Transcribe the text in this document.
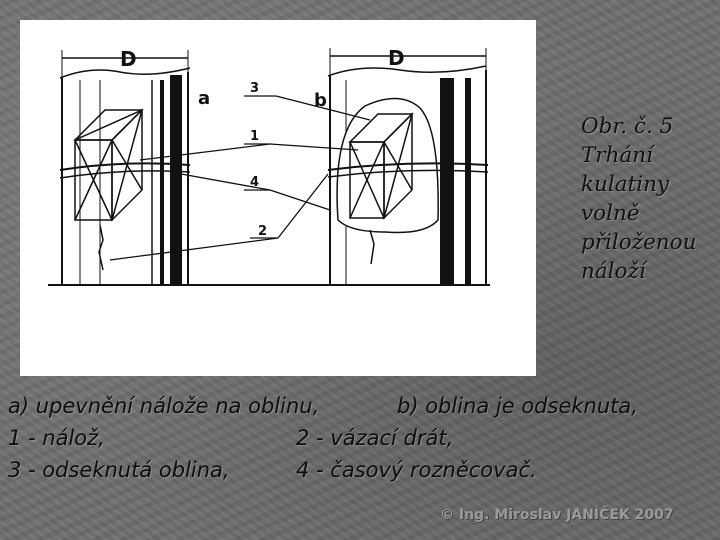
D	D
a	b
3
1
4
2
Obr. č. 5
Trhání
kulatiny
volně
přiloženou
náloží
a) upevnění nálože na oblinu,	b) oblina je odseknuta,
1 - nálož,	2 - vázací drát,
3 - odseknutá oblina,	4 - časový rozněcovač.
© Ing. Miroslav JANÍČEK 2007
